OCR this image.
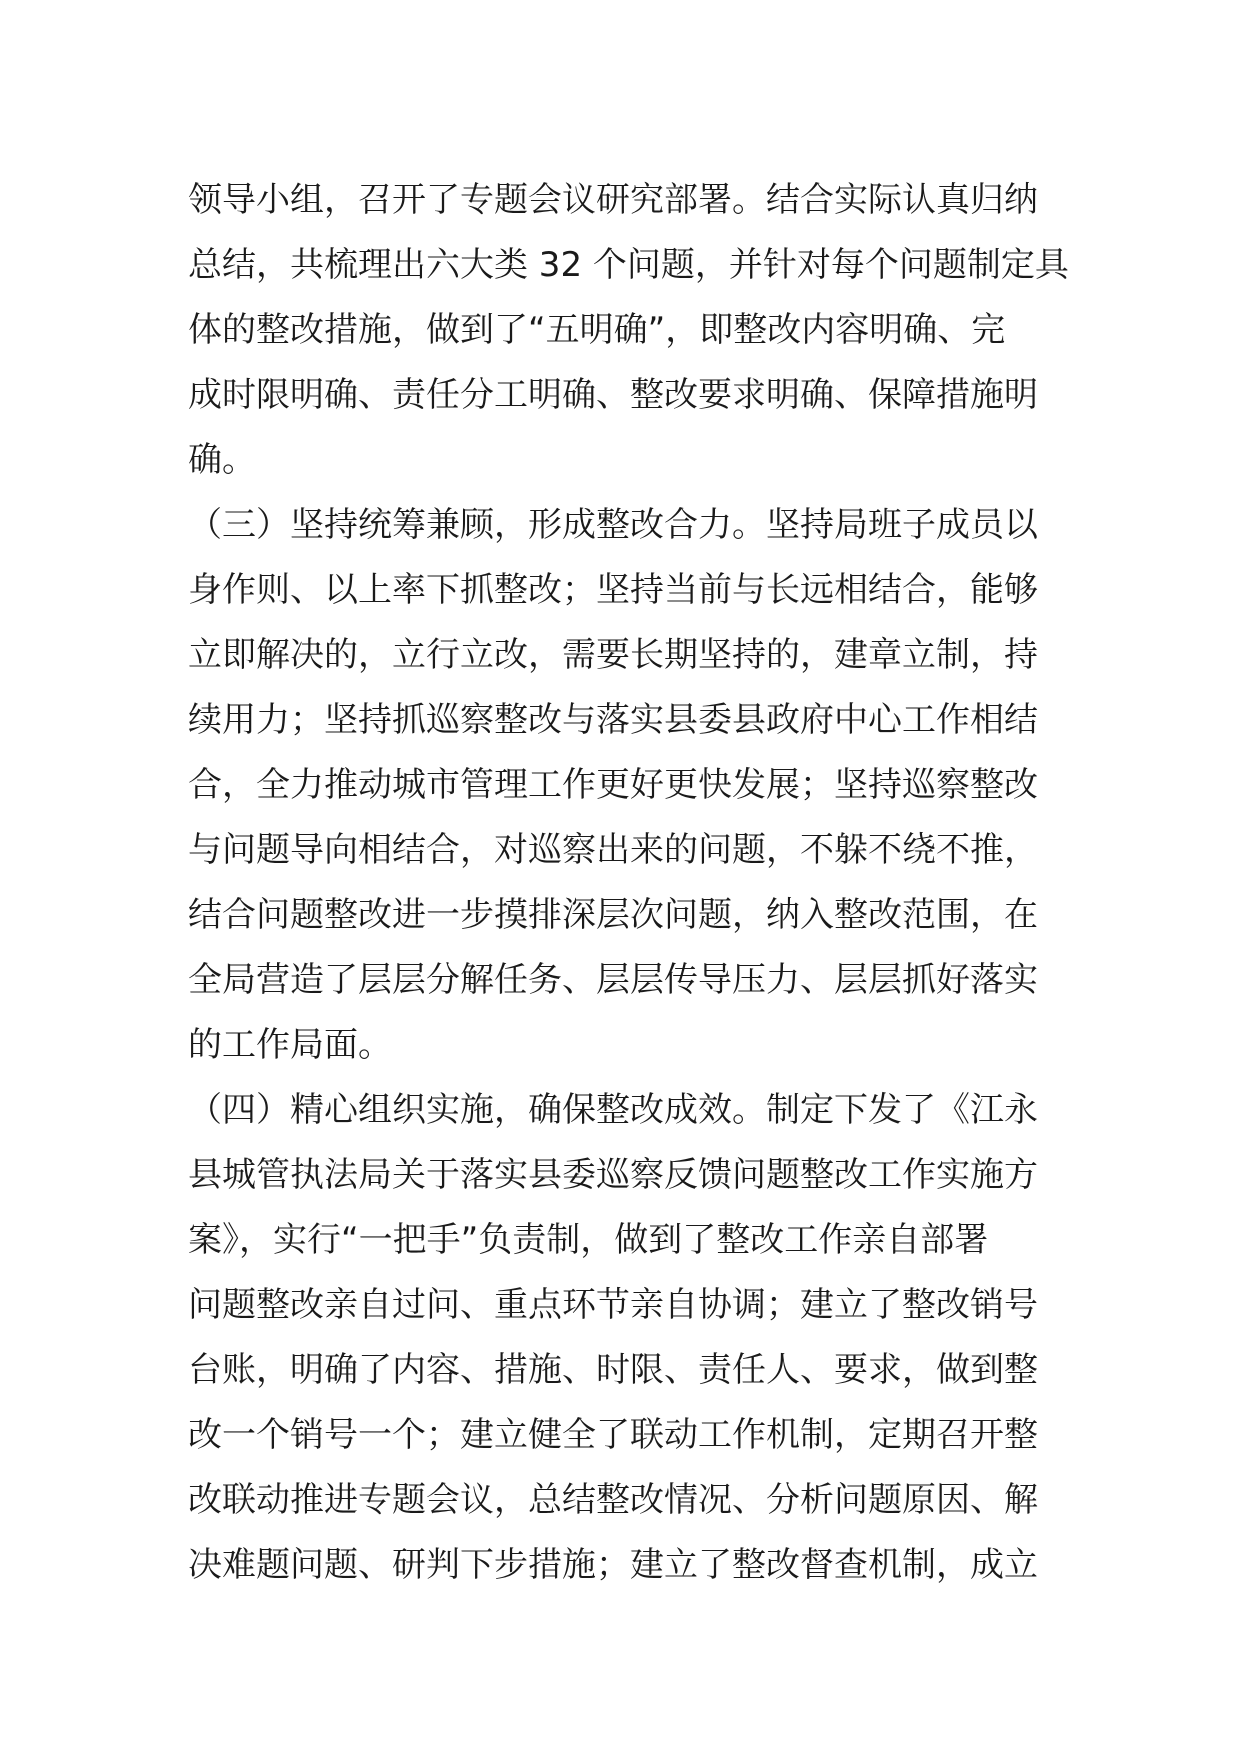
领导小组，召开了专题会议研究部署。结合实际认真归纳
总结，共梳理出六大类 32 个问题，并针对每个问题制定具
体的整改措施，做到了“五明确”，即整改内容明确、完
成时限明确、责任分工明确、整改要求明确、保障措施明
确。
（三）坚持统筹兼顾，形成整改合力。坚持局班子成员以
身作则、以上率下抓整改；坚持当前与长远相结合，能够
立即解决的，立行立改，需要长期坚持的，建章立制，持
续用力；坚持抓巡察整改与落实县委县政府中心工作相结
合，全力推动城市管理工作更好更快发展；坚持巡察整改
与问题导向相结合，对巡察出来的问题，不躲不绕不推，
结合问题整改进一步摸排深层次问题，纳入整改范围，在
全局营造了层层分解任务、层层传导压力、层层抓好落实
的工作局面。
（四）精心组织实施，确保整改成效。制定下发了《江永
县城管执法局关于落实县委巡察反馈问题整改工作实施方
案》，实行“一把手”负责制，做到了整改工作亲自部署
问题整改亲自过问、重点环节亲自协调；建立了整改销号
台账，明确了内容、措施、时限、责任人、要求，做到整
改一个销号一个；建立健全了联动工作机制，定期召开整
改联动推进专题会议，总结整改情况、分析问题原因、解
决难题问题、研判下步措施；建立了整改督查机制，成立
